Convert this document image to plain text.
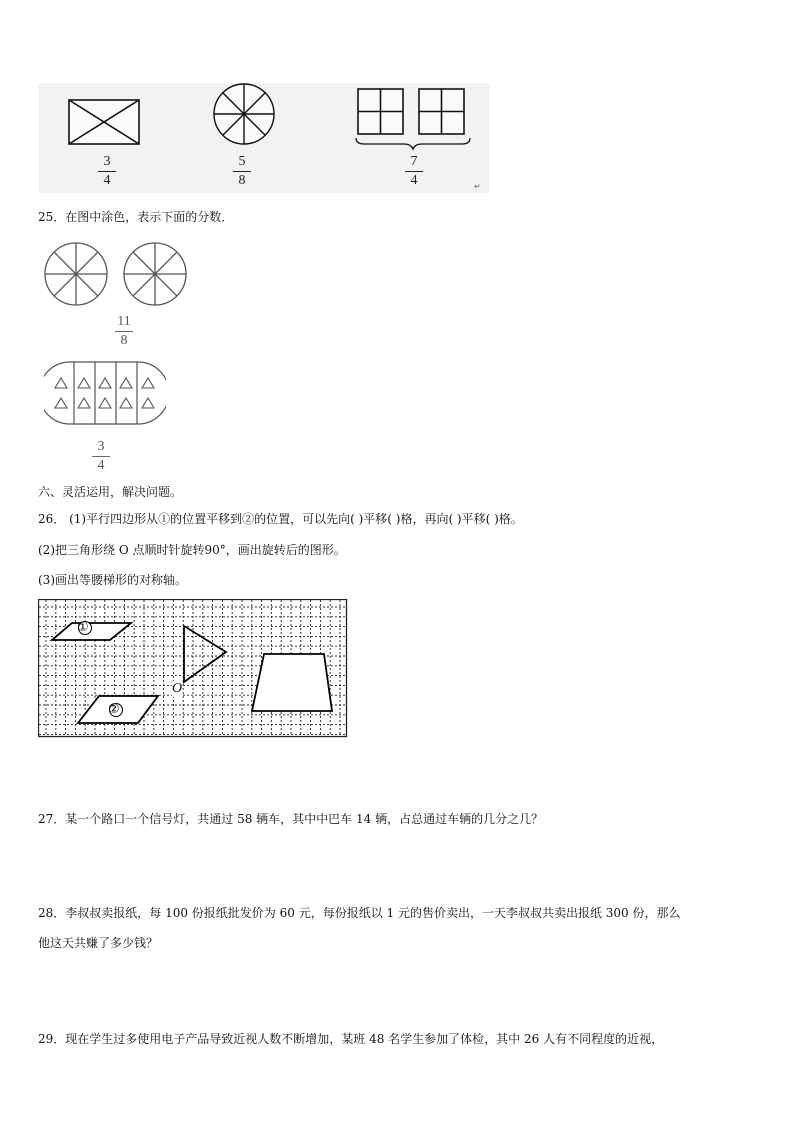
↵
3
4
5
8
7
4
25．在图中涂色，表示下面的分数．
11
8
3
4
六、灵活运用，解决问题。
26． (1)平行四边形从①的位置平移到②的位置，可以先向( )平移( )格，再向( )平移( )格。
(2)把三角形绕 O 点顺时针旋转90°，画出旋转后的图形。
(3)画出等腰梯形的对称轴。
①
②
O
27．某一个路口一个信号灯，共通过 58 辆车，其中中巴车 14 辆，占总通过车辆的几分之几？
28．李叔叔卖报纸，每 100 份报纸批发价为 60 元，每份报纸以 1 元的售价卖出，一天李叔叔共卖出报纸 300 份，那么
他这天共赚了多少钱？
29．现在学生过多使用电子产品导致近视人数不断增加，某班 48 名学生参加了体检，其中 26 人有不同程度的近视，
